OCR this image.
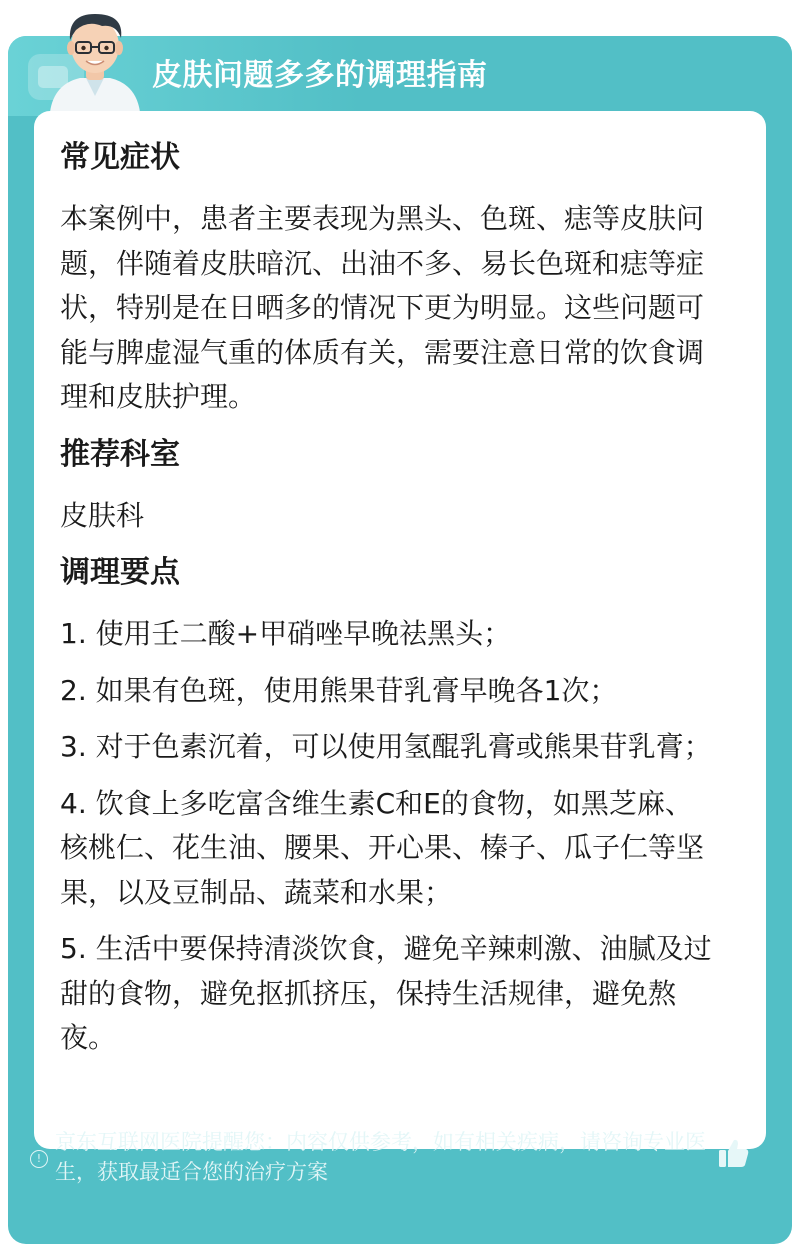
皮肤问题多多的调理指南
常见症状
本案例中，患者主要表现为黑头、色斑、痣等皮肤问题，伴随着皮肤暗沉、出油不多、易长色斑和痣等症状，特别是在日晒多的情况下更为明显。这些问题可能与脾虚湿气重的体质有关，需要注意日常的饮食调理和皮肤护理。
推荐科室
皮肤科
调理要点
1. 使用壬二酸+甲硝唑早晚祛黑头；
2. 如果有色斑，使用熊果苷乳膏早晚各1次；
3. 对于色素沉着，可以使用氢醌乳膏或熊果苷乳膏；
4. 饮食上多吃富含维生素C和E的食物，如黑芝麻、核桃仁、花生油、腰果、开心果、榛子、瓜子仁等坚果，以及豆制品、蔬菜和水果；
5. 生活中要保持清淡饮食，避免辛辣刺激、油腻及过甜的食物，避免抠抓挤压，保持生活规律，避免熬夜。
!
京东互联网医院提醒您：内容仅供参考，如有相关疾病，请咨询专业医生，获取最适合您的治疗方案
